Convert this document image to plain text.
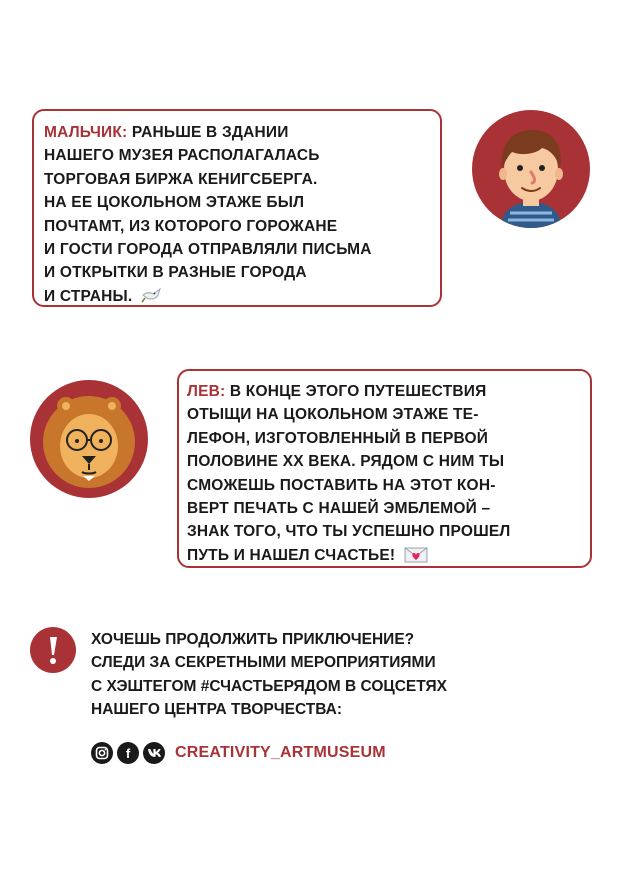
МАЛЬЧИК: РАНЬШЕ В ЗДАНИИ
НАШЕГО МУЗЕЯ РАСПОЛАГАЛАСЬ
ТОРГОВАЯ БИРЖА КЕНИГСБЕРГА.
НА ЕЕ ЦОКОЛЬНОМ ЭТАЖЕ БЫЛ
ПОЧТАМТ, ИЗ КОТОРОГО ГОРОЖАНЕ
И ГОСТИ ГОРОДА ОТПРАВЛЯЛИ ПИСЬМА
И ОТКРЫТКИ В РАЗНЫЕ ГОРОДА
И СТРАНЫ.
ЛЕВ: В КОНЦЕ ЭТОГО ПУТЕШЕСТВИЯ
ОТЫЩИ НА ЦОКОЛЬНОМ ЭТАЖЕ ТЕ-
ЛЕФОН, ИЗГОТОВЛЕННЫЙ В ПЕРВОЙ
ПОЛОВИНЕ XX ВЕКА. РЯДОМ С НИМ ТЫ
СМОЖЕШЬ ПОСТАВИТЬ НА ЭТОТ КОН-
ВЕРТ ПЕЧАТЬ С НАШЕЙ ЭМБЛЕМОЙ –
ЗНАК ТОГО, ЧТО ТЫ УСПЕШНО ПРОШЕЛ
ПУТЬ И НАШЕЛ СЧАСТЬЕ!
ХОЧЕШЬ ПРОДОЛЖИТЬ ПРИКЛЮЧЕНИЕ?
СЛЕДИ ЗА СЕКРЕТНЫМИ МЕРОПРИЯТИЯМИ
С ХЭШТЕГОМ #СЧАСТЬЕРЯДОМ В СОЦСЕТЯХ
НАШЕГО ЦЕНТРА ТВОРЧЕСТВА:
f	CREATIVITY_ARTMUSEUM
